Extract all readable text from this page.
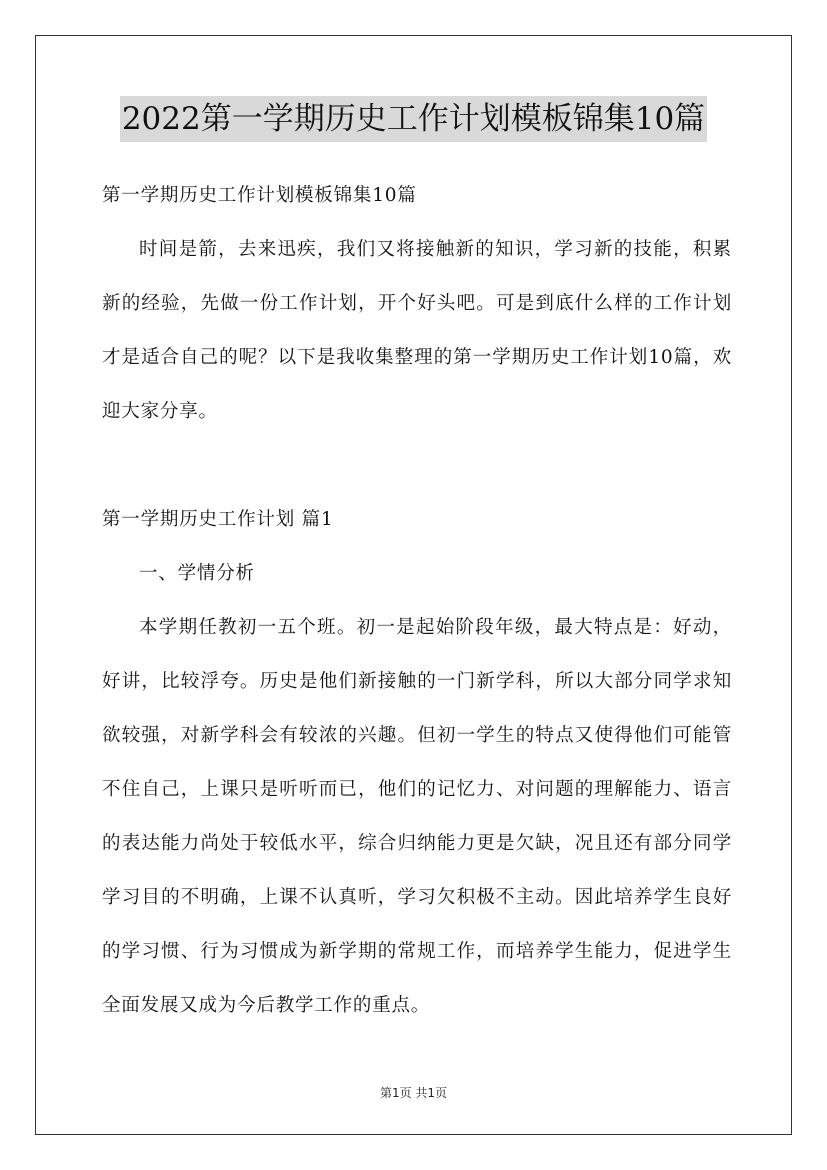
2022第一学期历史工作计划模板锦集10篇

第一学期历史工作计划模板锦集10篇

时间是箭，去来迅疾，我们又将接触新的知识，学习新的技能，积累新的经验，先做一份工作计划，开个好头吧。可是到底什么样的工作计划才是适合自己的呢？以下是我收集整理的第一学期历史工作计划10篇，欢迎大家分享。

第一学期历史工作计划 篇1

一、学情分析

本学期任教初一五个班。初一是起始阶段年级，最大特点是：好动，好讲，比较浮夸。历史是他们新接触的一门新学科，所以大部分同学求知欲较强，对新学科会有较浓的兴趣。但初一学生的特点又使得他们可能管不住自己，上课只是听听而已，他们的记忆力、对问题的理解能力、语言的表达能力尚处于较低水平，综合归纳能力更是欠缺，况且还有部分同学学习目的不明确，上课不认真听，学习欠积极不主动。因此培养学生良好的学习惯、行为习惯成为新学期的常规工作，而培养学生能力，促进学生全面发展又成为今后教学工作的重点。

第1页 共1页
